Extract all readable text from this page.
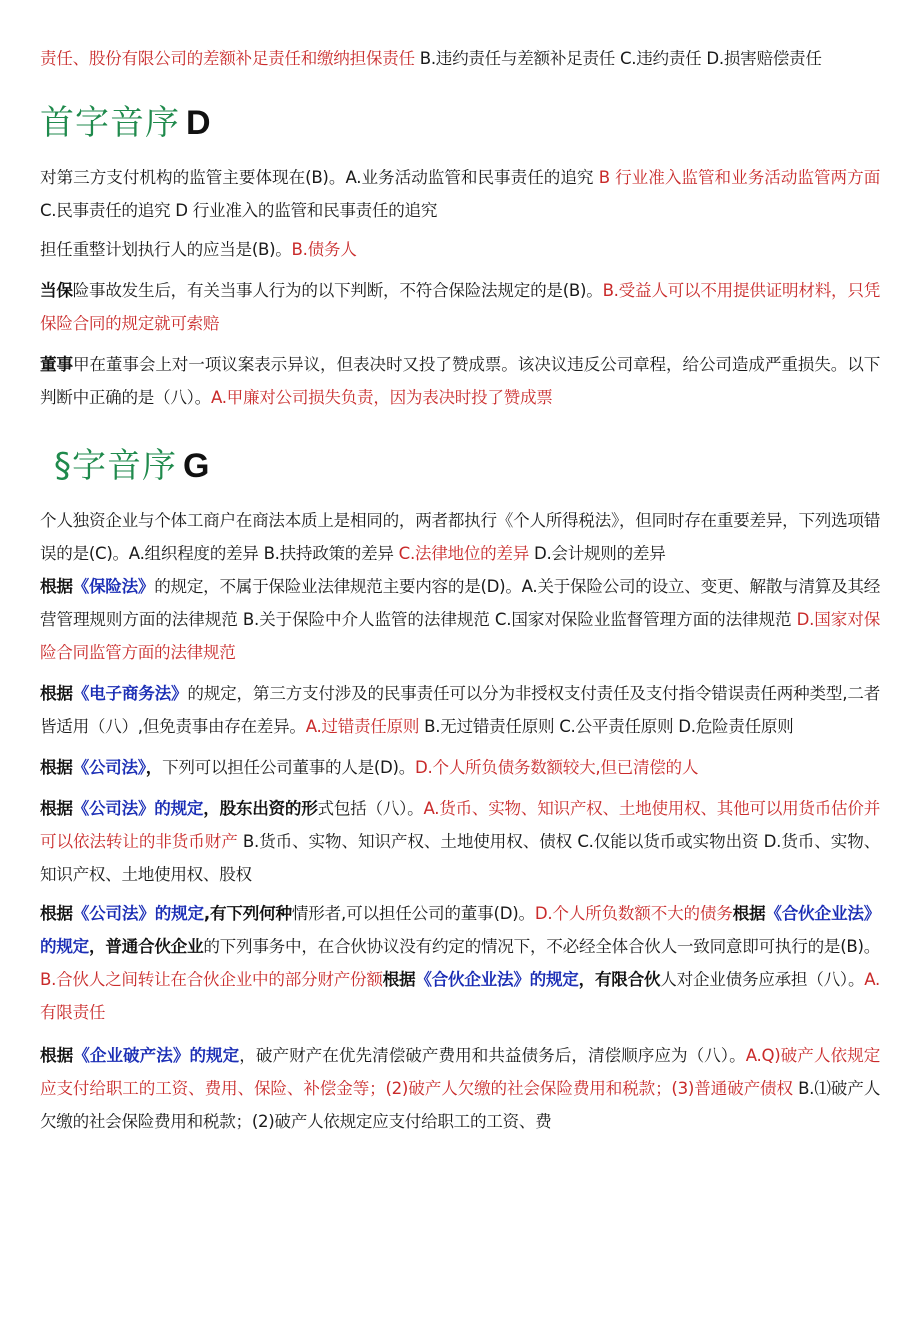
责任、股份有限公司的差额补足责任和缴纳担保责任 B.违约责任与差额补足责任 C.违约责任 D.损害赔偿责任

首字音序 D

对第三方支付机构的监管主要体现在(B)。A.业务活动监管和民事责任的追究 B 行业准入监管和业务活动监管两方面 C.民事责任的追究 D 行业准入的监管和民事责任的追究

担任重整计划执行人的应当是(B)。B.债务人

当保险事故发生后，有关当事人行为的以下判断，不符合保险法规定的是(B)。B.受益人可以不用提供证明材料，只凭保险合同的规定就可索赔

董事甲在董事会上对一项议案表示异议，但表决时又投了赞成票。该决议违反公司章程，给公司造成严重损失。以下判断中正确的是（八）。A.甲廉对公司损失负责，因为表决时投了赞成票

§字音序 G

个人独资企业与个体工商户在商法本质上是相同的，两者都执行《个人所得税法》，但同时存在重要差异，下列选项错误的是(C)。A.组织程度的差异 B.扶持政策的差异 C.法律地位的差异 D.会计规则的差异

根据《保险法》的规定，不属于保险业法律规范主要内容的是(D)。A.关于保险公司的设立、变更、解散与清算及其经营管理规则方面的法律规范 B.关于保险中介人监管的法律规范 C.国家对保险业监督管理方面的法律规范 D.国家对保险合同监管方面的法律规范

根据《电子商务法》的规定，第三方支付涉及的民事责任可以分为非授权支付责任及支付指令错误责任两种类型,二者皆适用（八）,但免责事由存在差异。A.过错责任原则 B.无过错责任原则 C.公平责任原则 D.危险责任原则

根据《公司法》，下列可以担任公司董事的人是(D)。D.个人所负债务数额较大,但已清偿的人

根据《公司法》的规定，股东出资的形式包括（八）。A.货币、实物、知识产权、土地使用权、其他可以用货币估价并可以依法转让的非货币财产 B.货币、实物、知识产权、土地使用权、债权 C.仅能以货币或实物出资 D.货币、实物、知识产权、土地使用权、股权

根据《公司法》的规定,有下列何种情形者,可以担任公司的董事(D)。D.个人所负数额不大的债务根据《合伙企业法》的规定，普通合伙企业的下列事务中，在合伙协议没有约定的情况下，不必经全体合伙人一致同意即可执行的是(B)。B.合伙人之间转让在合伙企业中的部分财产份额根据《合伙企业法》的规定，有限合伙人对企业债务应承担（八）。A.有限责任

根据《企业破产法》的规定，破产财产在优先清偿破产费用和共益债务后，清偿顺序应为（八）。A.Q)破产人依规定应支付给职工的工资、费用、保险、补偿金等；(2)破产人欠缴的社会保险费用和税款；(3)普通破产债权 B.⑴破产人欠缴的社会保险费用和税款；(2)破产人依规定应支付给职工的工资、费
